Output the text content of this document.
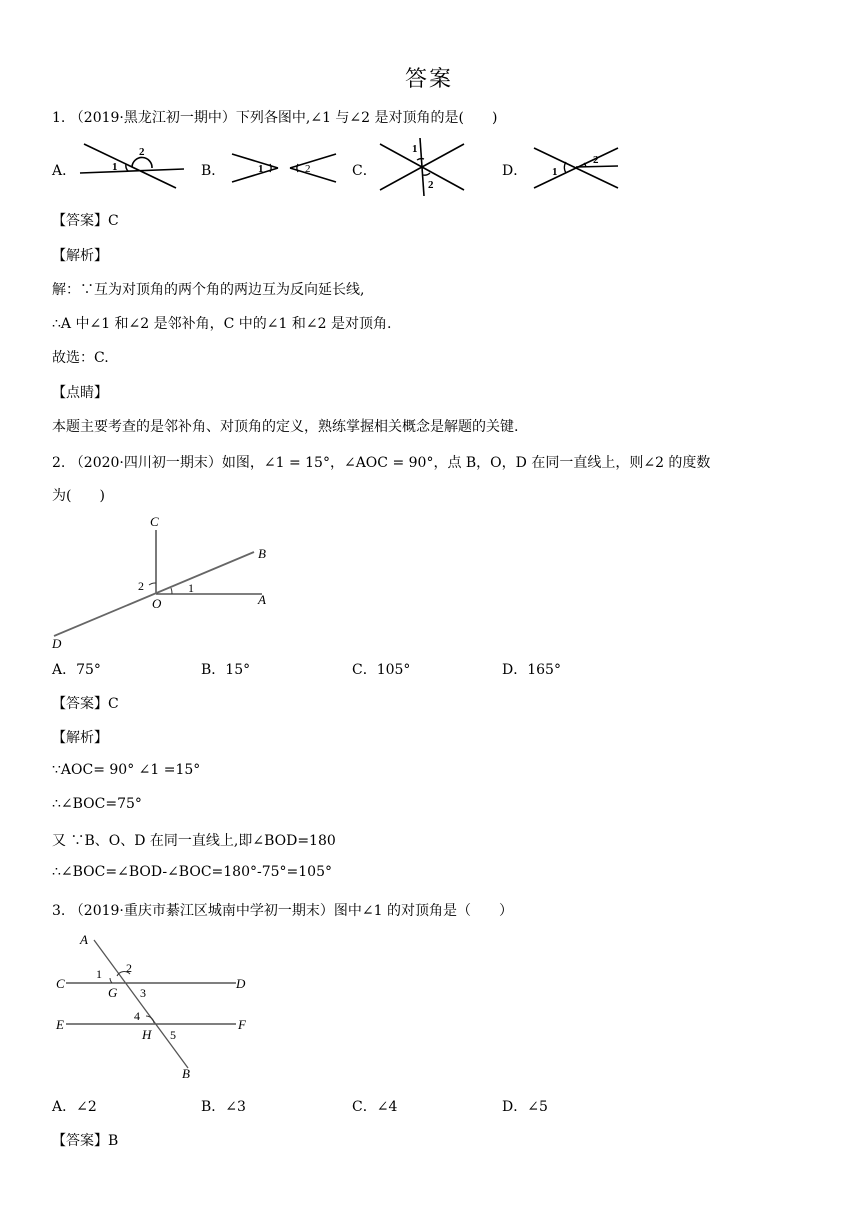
答案
1. （2019·黑龙江初一期中）下列各图中,∠1 与∠2 是对顶角的是(　　)
A．	1
2
B．	1	2	C．
1
2
D． 1
2
【答案】C
【解析】
解：∵互为对顶角的两个角的两边互为反向延长线,
∴A 中∠1 和∠2 是邻补角，C 中的∠1 和∠2 是对顶角.
故选：C.
【点睛】
本题主要考查的是邻补角、对顶角的定义，熟练掌握相关概念是解题的关键.
2. （2020·四川初一期末）如图，∠1 = 15°，∠AOC = 90°，点 B，O，D 在同一直线上，则∠2 的度数
为(　　)
C
B
2	1
O	A
D
A．75°	B．15°	C．105°	D．165°
【答案】C
【解析】
∵AOC= 90° ∠1 =15°
∴∠BOC=75°
又 ∵B、O、D 在同一直线上,即∠BOD=180
∴∠BOC=∠BOD-∠BOC=180°-75°=105°
3. （2019·重庆市綦江区城南中学初一期末）图中∠1 的对顶角是（　　）
A
1 2
C
G 3
D
4
E	F
H 5
B
A．∠2	B．∠3	C．∠4	D．∠5
【答案】B
